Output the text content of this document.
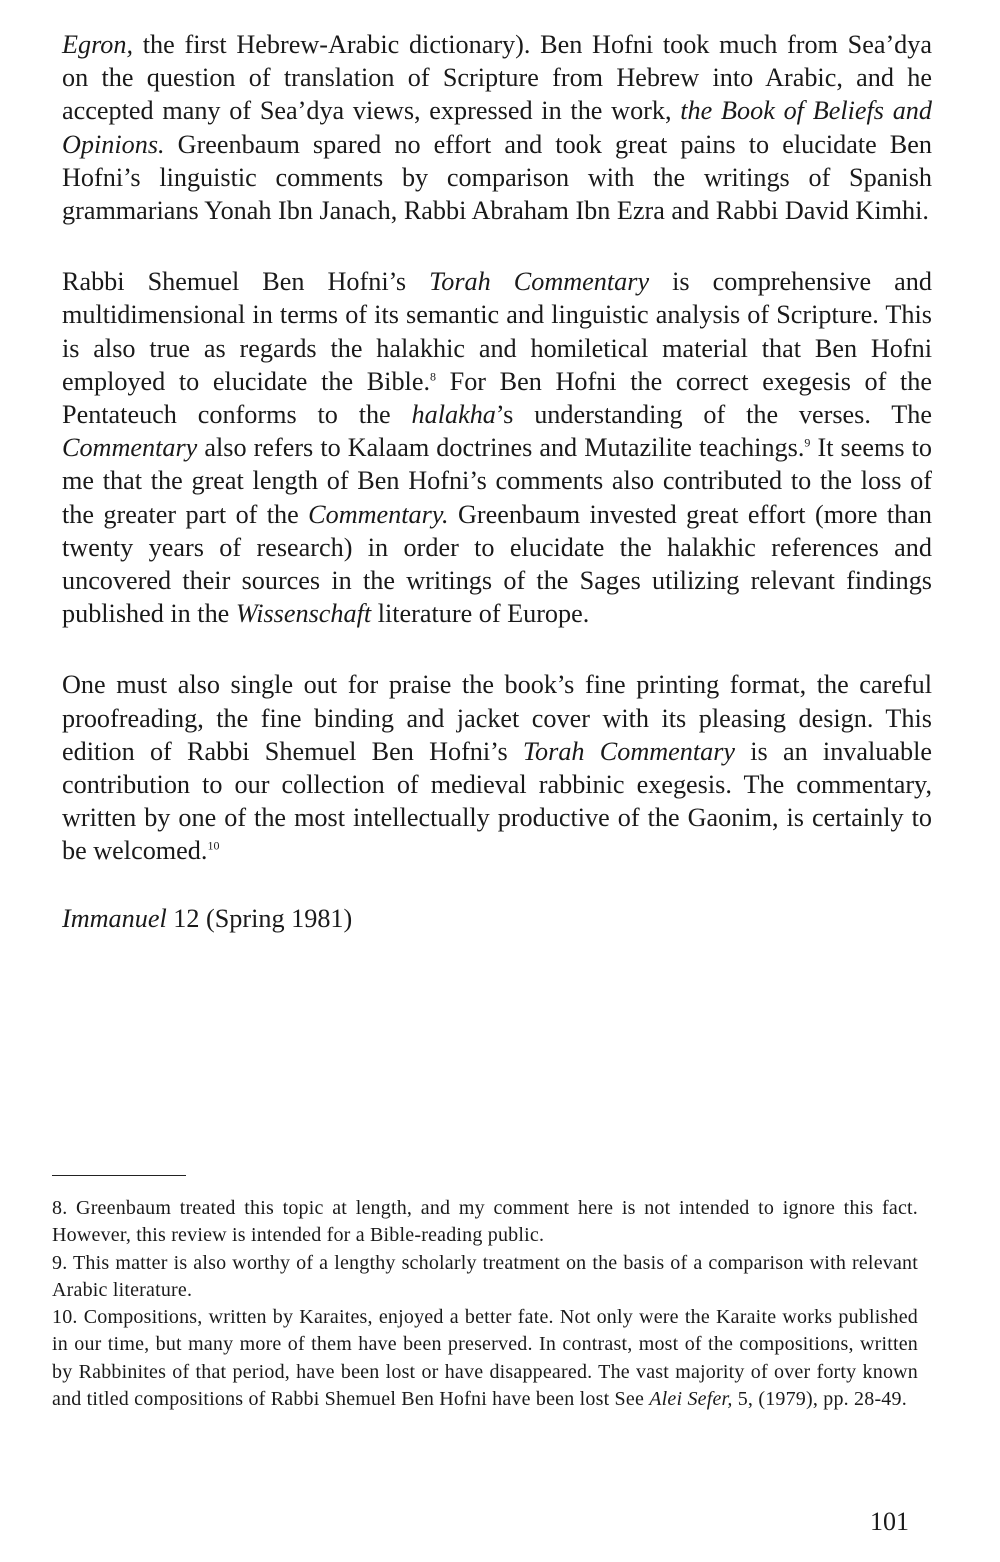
Egron, the first Hebrew-Arabic dictionary). Ben Hofni took much from Sea’dya on the question of translation of Scripture from Hebrew into Arabic, and he accepted many of Sea’dya views, expressed in the work, the Book of Beliefs and Opinions. Greenbaum spared no effort and took great pains to elucidate Ben Hofni’s linguistic comments by comparison with the writings of Spanish grammarians Yonah Ibn Janach, Rabbi Abraham Ibn Ezra and Rabbi David Kimhi.

Rabbi Shemuel Ben Hofni’s Torah Commentary is comprehensive and multidimensional in terms of its semantic and linguistic analysis of Scripture. This is also true as regards the halakhic and homiletical material that Ben Hofni employed to elucidate the Bible.$^8$ For Ben Hofni the correct exegesis of the Pentateuch conforms to the halakha’s understanding of the verses. The Commentary also refers to Kalaam doctrines and Mutazilite teachings.$^9$ It seems to me that the great length of Ben Hofni’s comments also contributed to the loss of the greater part of the Commentary. Greenbaum invested great effort (more than twenty years of research) in order to elucidate the halakhic references and uncovered their sources in the writings of the Sages utilizing relevant findings published in the Wissenschaft literature of Europe.

One must also single out for praise the book’s fine printing format, the careful proofreading, the fine binding and jacket cover with its pleasing design. This edition of Rabbi Shemuel Ben Hofni’s Torah Commentary is an invaluable contribution to our collection of medieval rabbinic exegesis. The commentary, written by one of the most intellectually productive of the Gaonim, is certainly to be welcomed.$^{10}$

Immanuel 12 (Spring 1981)

8. Greenbaum treated this topic at length, and my comment here is not intended to ignore this fact. However, this review is intended for a Bible-reading public.

9. This matter is also worthy of a lengthy scholarly treatment on the basis of a comparison with relevant Arabic literature.

10. Compositions, written by Karaites, enjoyed a better fate. Not only were the Karaite works published in our time, but many more of them have been preserved. In contrast, most of the compositions, written by Rabbinites of that period, have been lost or have disappeared. The vast majority of over forty known and titled compositions of Rabbi Shemuel Ben Hofni have been lost See Alei Sefer, 5, (1979), pp. 28-49.

101
